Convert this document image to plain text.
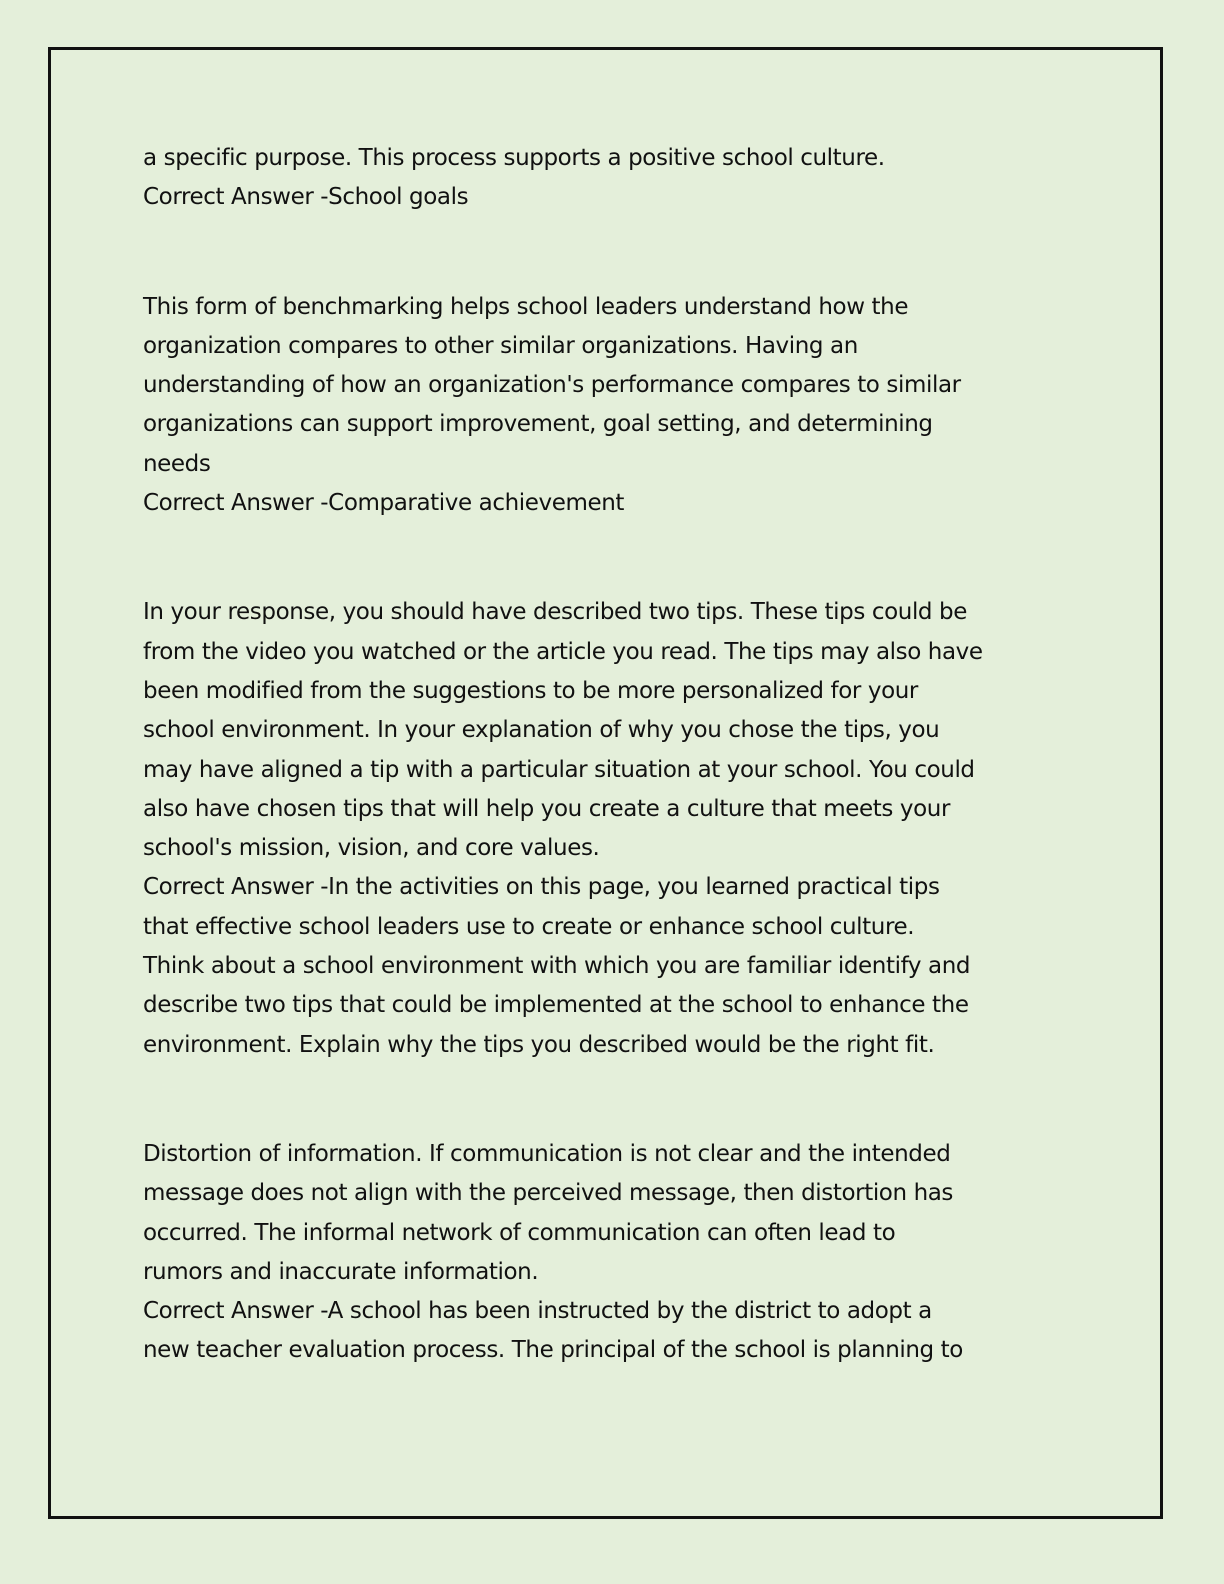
a specific purpose. This process supports a positive school culture.

Correct Answer -School goals

This form of benchmarking helps school leaders understand how the
organization compares to other similar organizations. Having an
understanding of how an organization's performance compares to similar
organizations can support improvement, goal setting, and determining
needs

Correct Answer -Comparative achievement

In your response, you should have described two tips. These tips could be
from the video you watched or the article you read. The tips may also have
been modified from the suggestions to be more personalized for your
school environment. In your explanation of why you chose the tips, you
may have aligned a tip with a particular situation at your school. You could
also have chosen tips that will help you create a culture that meets your
school's mission, vision, and core values.

Correct Answer -In the activities on this page, you learned practical tips
that effective school leaders use to create or enhance school culture.
Think about a school environment with which you are familiar identify and
describe two tips that could be implemented at the school to enhance the
environment. Explain why the tips you described would be the right fit.

Distortion of information. If communication is not clear and the intended
message does not align with the perceived message, then distortion has
occurred. The informal network of communication can often lead to
rumors and inaccurate information.

Correct Answer -A school has been instructed by the district to adopt a
new teacher evaluation process. The principal of the school is planning to
